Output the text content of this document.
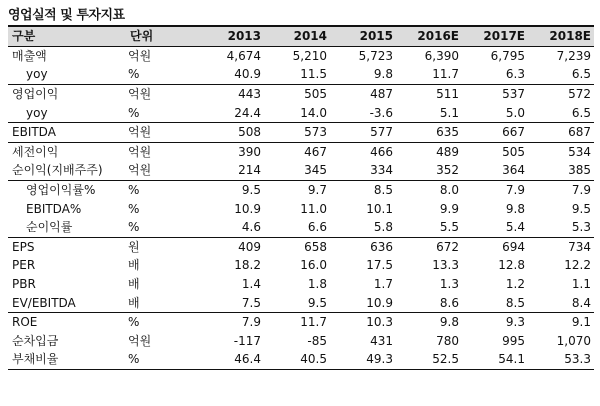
영업실적 및 투자지표
구분	단위	2013	2014	2015	2016E	2017E	2018E
매출액	억원	4,674	5,210	5,723	6,390	6,795	7,239
yoy	%	40.9	11.5	9.8	11.7	6.3	6.5
영업이익	억원	443	505	487	511	537	572
yoy	%	24.4	14.0	-3.6	5.1	5.0	6.5
EBITDA	억원	508	573	577	635	667	687
세전이익	억원	390	467	466	489	505	534
순이익(지배주주)	억원	214	345	334	352	364	385
영업이익률%	%	9.5	9.7	8.5	8.0	7.9	7.9
EBITDA%	%	10.9	11.0	10.1	9.9	9.8	9.5
순이익률	%	4.6	6.6	5.8	5.5	5.4	5.3
EPS	원	409	658	636	672	694	734
PER	배	18.2	16.0	17.5	13.3	12.8	12.2
PBR	배	1.4	1.8	1.7	1.3	1.2	1.1
EV/EBITDA	배	7.5	9.5	10.9	8.6	8.5	8.4
ROE	%	7.9	11.7	10.3	9.8	9.3	9.1
순차입금	억원	-117	-85	431	780	995	1,070
부채비율	%	46.4	40.5	49.3	52.5	54.1	53.3
